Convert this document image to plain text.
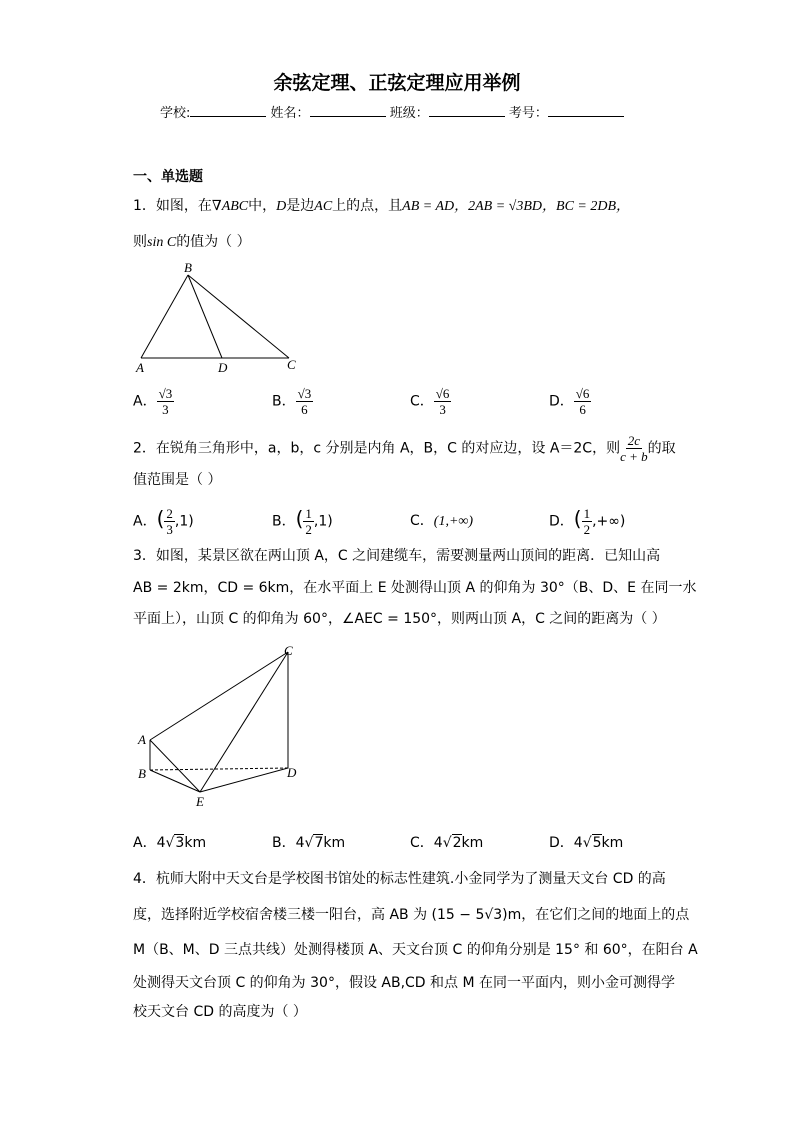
余弦定理、正弦定理应用举例
学校:	姓名：	班级：	考号：
一、单选题
1．如图，在∇ABC中，D是边AC上的点，且AB = AD，2AB = √3BD，BC = 2DB，
则sin C的值为（ ）
B
A	D	C
A． $\frac{√3}{3}$	B． $\frac{√3}{6}$	C． $\frac{√6}{3}$	D． $\frac{√6}{6}$
2．在锐角三角形中，a，b，c 分别是内角 A，B，C 的对应边，设 A＝2C，则 $\frac{2c}{c + b}$ 的取
值范围是（ ）
A．( $\frac{2}{3} ,1$)	B．( $\frac{1}{2} ,1$)	C．(1,+∞)	D．( $\frac{1}{2}$ ,+∞)
3．如图，某景区欲在两山顶 A，C 之间建缆车，需要测量两山顶间的距离．已知山高
AB = 2km，CD = 6km，在水平面上 E 处测得山顶 A 的仰角为 30°（B、D、E 在同一水
平面上），山顶 C 的仰角为 60°，∠AEC = 150°，则两山顶 A，C 之间的距离为（ ）
C
A
B	D
E
A．4√3km	B．4√7km	C．4√2km	D．4√5km
4．杭师大附中天文台是学校图书馆处的标志性建筑.小金同学为了测量天文台 CD 的高
度，选择附近学校宿舍楼三楼一阳台，高 AB 为 (15 − 5√3)m，在它们之间的地面上的点
M（B、M、D 三点共线）处测得楼顶 A、天文台顶 C 的仰角分别是 15° 和 60°，在阳台 A
处测得天文台顶 C 的仰角为 30°，假设 AB,CD 和点 M 在同一平面内，则小金可测得学
校天文台 CD 的高度为（ ）
